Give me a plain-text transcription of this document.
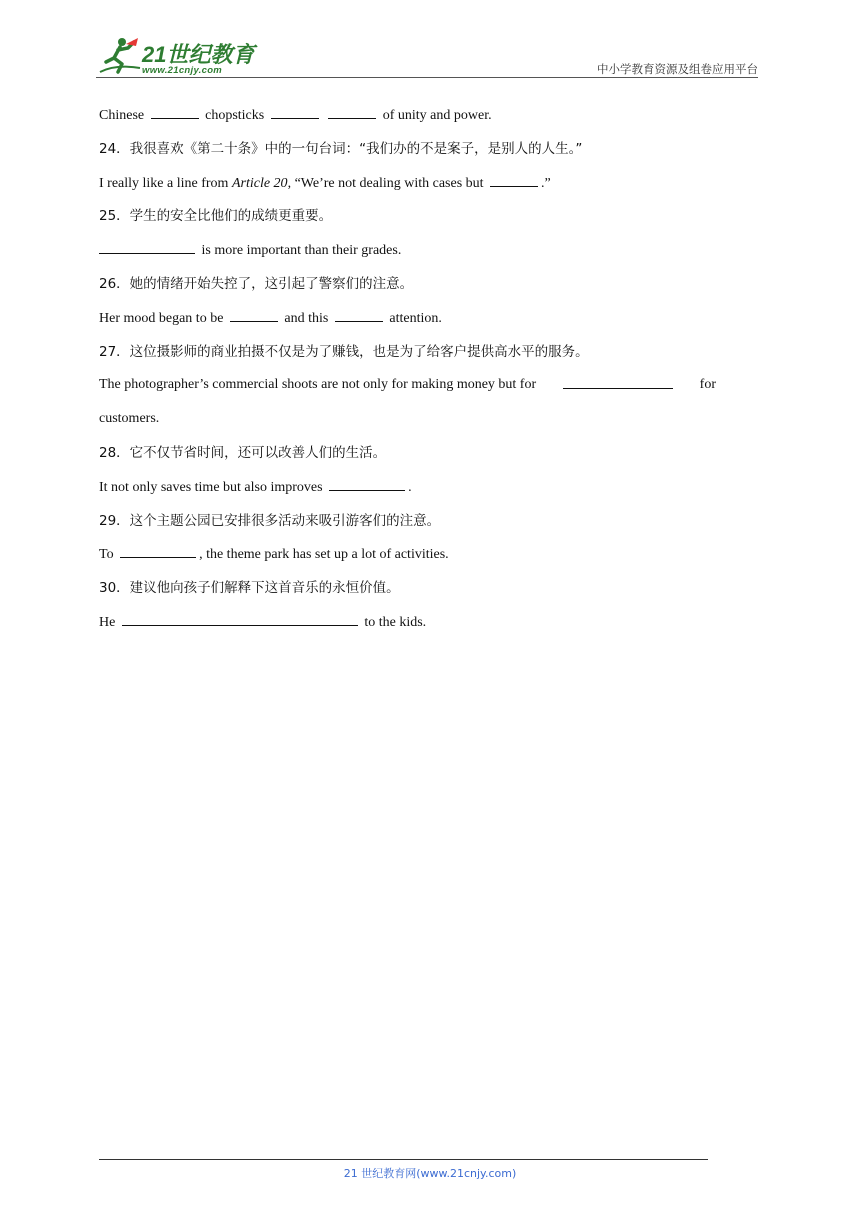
21世纪教育
www.21cnjy.com	中小学教育资源及组卷应用平台
Chinese	chopsticks	of unity and power.
24．我很喜欢《第二十条》中的一句台词：“我们办的不是案子，是别人的人生。”
I really like a line from Article 20, “We’re not dealing with cases but	.”
25．学生的安全比他们的成绩更重要。
is more important than their grades.
26．她的情绪开始失控了，这引起了警察们的注意。
Her mood began to be	and this	attention.
27．这位摄影师的商业拍摄不仅是为了赚钱，也是为了给客户提供高水平的服务。
The photographer’s commercial shoots are not only for making money but for	for
customers.
28．它不仅节省时间，还可以改善人们的生活。
It not only saves time but also improves	.
29．这个主题公园已安排很多活动来吸引游客们的注意。
To	, the theme park has set up a lot of activities.
30．建议他向孩子们解释下这首音乐的永恒价值。
He	to the kids.
21 世纪教育网(www.21cnjy.com)
